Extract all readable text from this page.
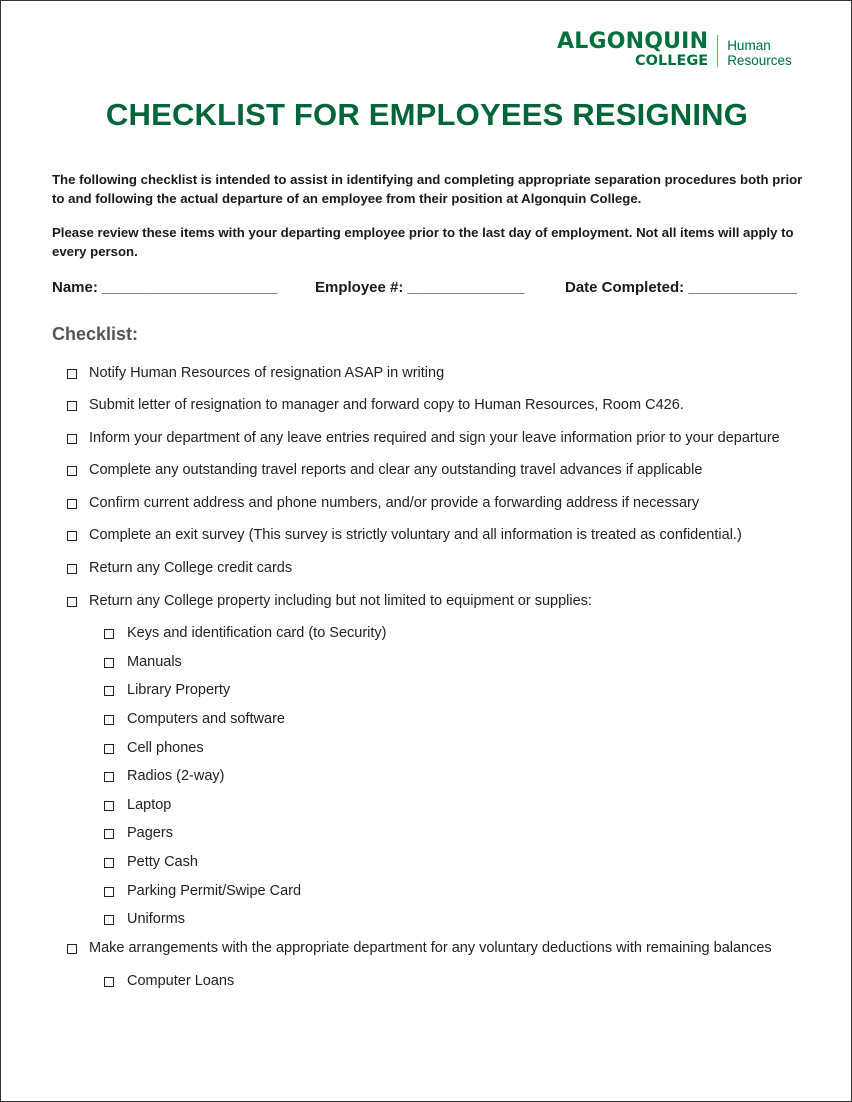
ALGONQUIN
COLLEGE
Human
Resources
CHECKLIST FOR EMPLOYEES RESIGNING
The following checklist is intended to assist in identifying and completing appropriate separation procedures both prior to and following the actual departure of an employee from their position at Algonquin College.
Please review these items with your departing employee prior to the last day of employment. Not all items will apply to every person.
Name: _____________________	Employee #: ______________	Date Completed: _____________
Checklist:
Notify Human Resources of resignation ASAP in writing
Submit letter of resignation to manager and forward copy to Human Resources, Room C426.
Inform your department of any leave entries required and sign your leave information prior to your departure
Complete any outstanding travel reports and clear any outstanding travel advances if applicable
Confirm current address and phone numbers, and/or provide a forwarding address if necessary
Complete an exit survey (This survey is strictly voluntary and all information is treated as confidential.)
Return any College credit cards
Return any College property including but not limited to equipment or supplies:
Keys and identification card (to Security)
Manuals
Library Property
Computers and software
Cell phones
Radios (2-way)
Laptop
Pagers
Petty Cash
Parking Permit/Swipe Card
Uniforms
Make arrangements with the appropriate department for any voluntary deductions with remaining balances
Computer Loans
